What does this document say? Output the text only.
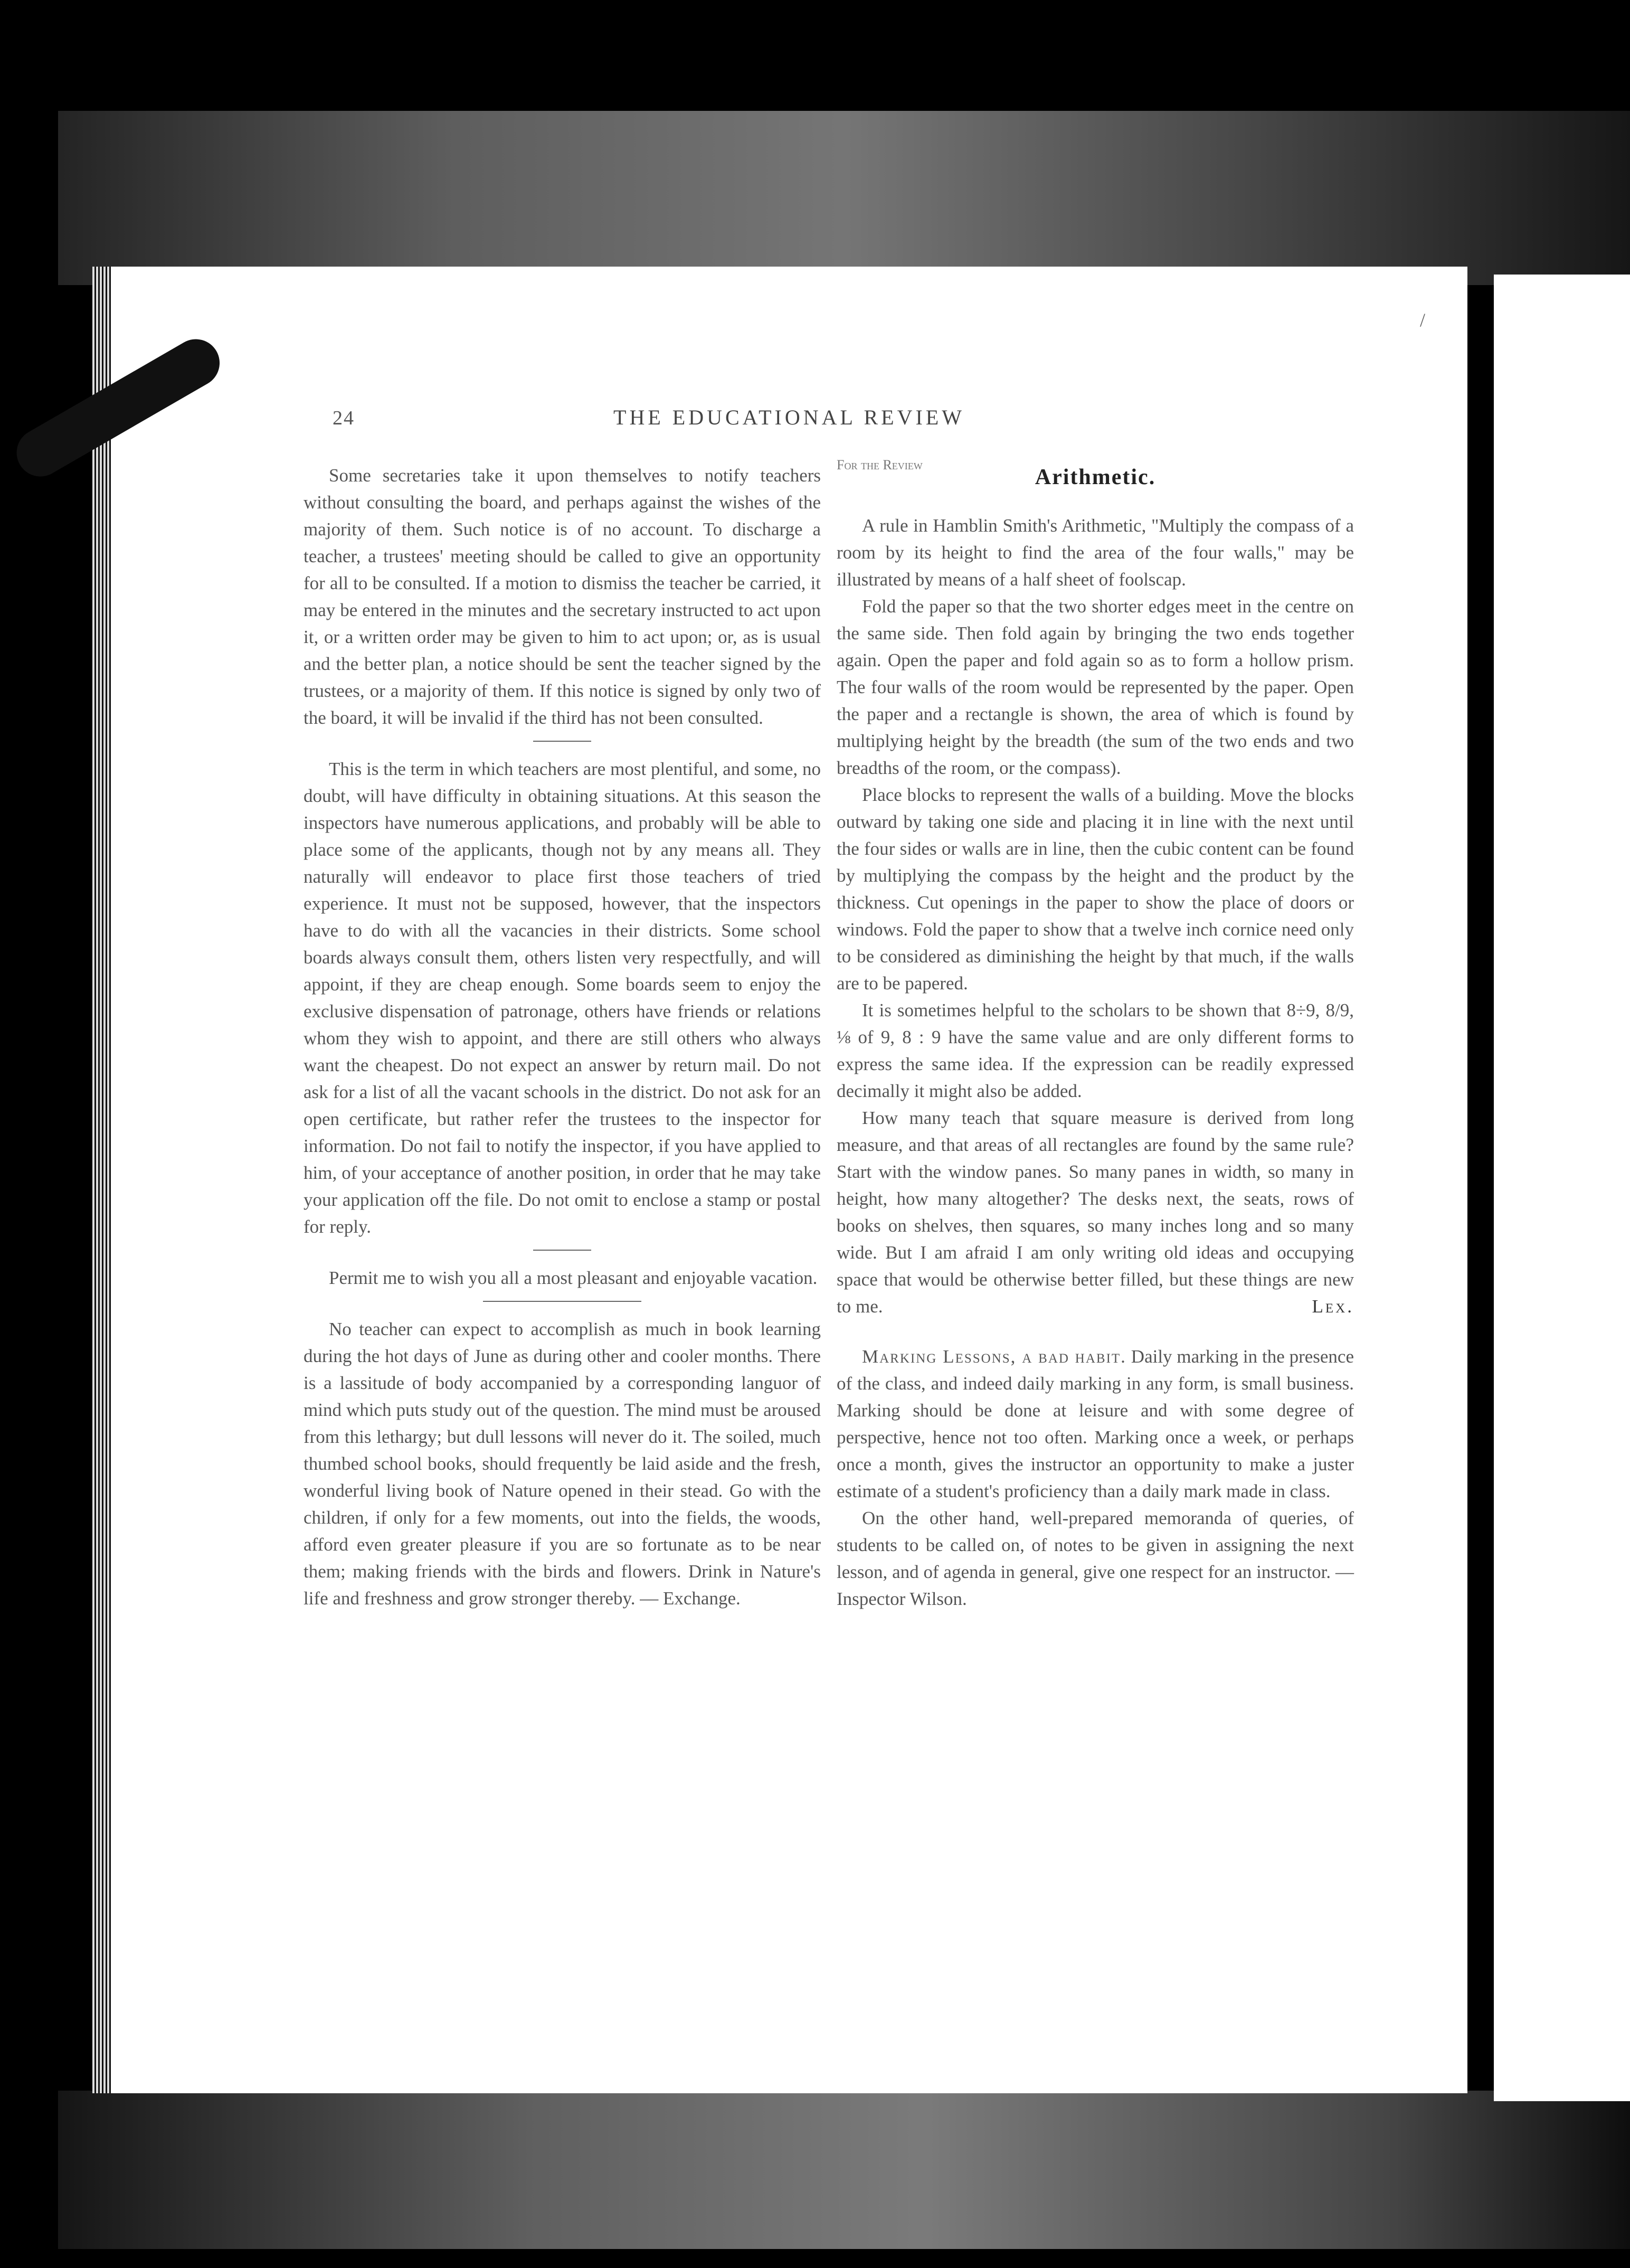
24	THE EDUCATIONAL REVIEW
/

Some secretaries take it upon themselves to notify teachers without consulting the board, and perhaps against the wishes of the majority of them. Such notice is of no account. To discharge a teacher, a trustees' meeting should be called to give an opportunity for all to be consulted. If a motion to dismiss the teacher be carried, it may be entered in the minutes and the secretary instructed to act upon it, or a written order may be given to him to act upon; or, as is usual and the better plan, a notice should be sent the teacher signed by the trustees, or a majority of them. If this notice is signed by only two of the board, it will be invalid if the third has not been consulted.

This is the term in which teachers are most plentiful, and some, no doubt, will have difficulty in obtaining situations. At this season the inspectors have numerous applications, and probably will be able to place some of the applicants, though not by any means all. They naturally will endeavor to place first those teachers of tried experience. It must not be supposed, however, that the inspectors have to do with all the vacancies in their districts. Some school boards always consult them, others listen very respectfully, and will appoint, if they are cheap enough. Some boards seem to enjoy the exclusive dispensation of patronage, others have friends or relations whom they wish to appoint, and there are still others who always want the cheapest. Do not expect an answer by return mail. Do not ask for a list of all the vacant schools in the district. Do not ask for an open certificate, but rather refer the trustees to the inspector for information. Do not fail to notify the inspector, if you have applied to him, of your acceptance of another position, in order that he may take your application off the file. Do not omit to enclose a stamp or postal for reply.

Permit me to wish you all a most pleasant and enjoyable vacation.

No teacher can expect to accomplish as much in book learning during the hot days of June as during other and cooler months. There is a lassitude of body accompanied by a corresponding languor of mind which puts study out of the question. The mind must be aroused from this lethargy; but dull lessons will never do it. The soiled, much thumbed school books, should frequently be laid aside and the fresh, wonderful living book of Nature opened in their stead. Go with the children, if only for a few moments, out into the fields, the woods, afford even greater pleasure if you are so fortunate as to be near them; making friends with the birds and flowers. Drink in Nature's life and freshness and grow stronger thereby. — Exchange.

For the Review
Arithmetic.

A rule in Hamblin Smith's Arithmetic, "Multiply the compass of a room by its height to find the area of the four walls," may be illustrated by means of a half sheet of foolscap.

Fold the paper so that the two shorter edges meet in the centre on the same side. Then fold again by bringing the two ends together again. Open the paper and fold again so as to form a hollow prism. The four walls of the room would be represented by the paper. Open the paper and a rectangle is shown, the area of which is found by multiplying height by the breadth (the sum of the two ends and two breadths of the room, or the compass).

Place blocks to represent the walls of a building. Move the blocks outward by taking one side and placing it in line with the next until the four sides or walls are in line, then the cubic content can be found by multiplying the compass by the height and the product by the thickness. Cut openings in the paper to show the place of doors or windows. Fold the paper to show that a twelve inch cornice need only to be considered as diminishing the height by that much, if the walls are to be papered.

It is sometimes helpful to the scholars to be shown that 8÷9, 8/9, ⅛ of 9, 8 : 9 have the same value and are only different forms to express the same idea. If the expression can be readily expressed decimally it might also be added.

How many teach that square measure is derived from long measure, and that areas of all rectangles are found by the same rule? Start with the window panes. So many panes in width, so many in height, how many altogether? The desks next, the seats, rows of books on shelves, then squares, so many inches long and so many wide. But I am afraid I am only writing old ideas and occupying space that would be otherwise better filled, but these things are new to me.	Lex.

Marking Lessons, a bad habit. Daily marking in the presence of the class, and indeed daily marking in any form, is small business. Marking should be done at leisure and with some degree of perspective, hence not too often. Marking once a week, or perhaps once a month, gives the instructor an opportunity to make a juster estimate of a student's proficiency than a daily mark made in class.

On the other hand, well-prepared memoranda of queries, of students to be called on, of notes to be given in assigning the next lesson, and of agenda in general, give one respect for an instructor. — Inspector Wilson.
